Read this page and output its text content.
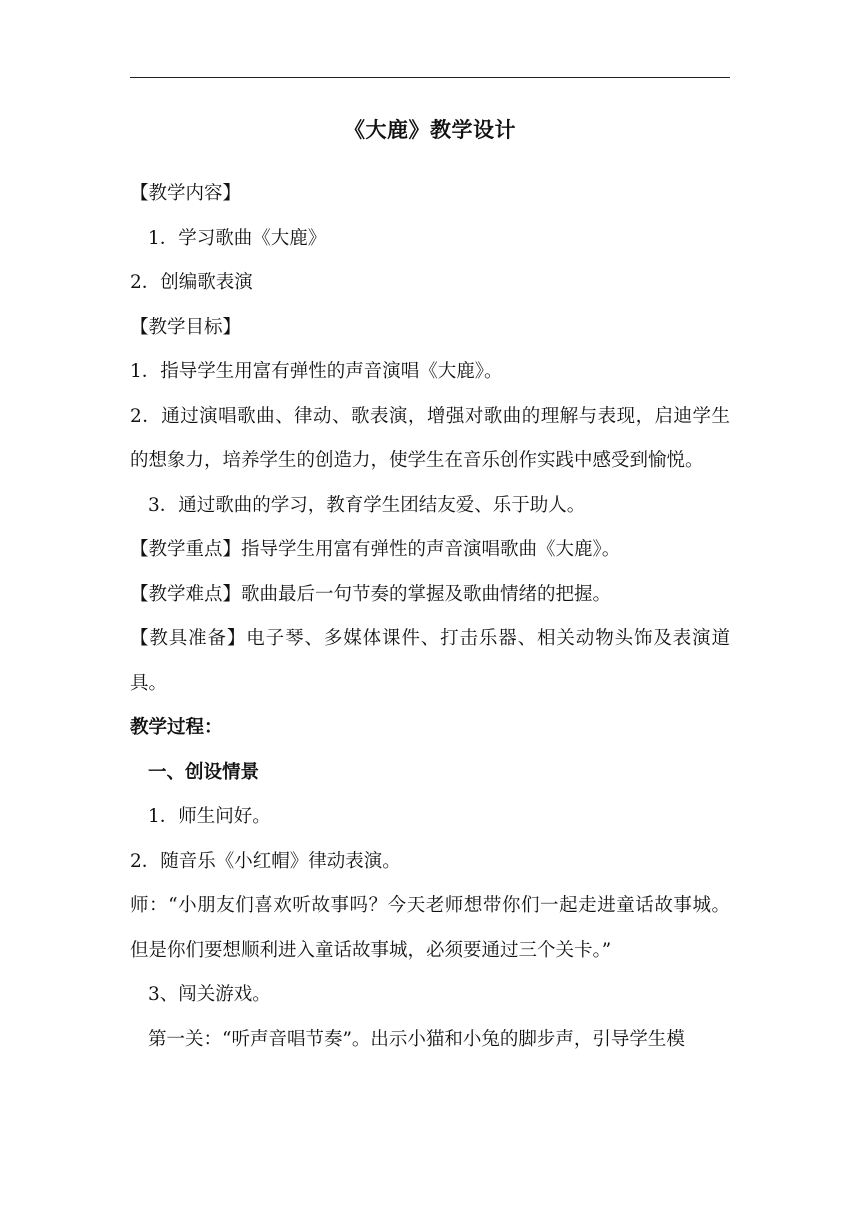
《大鹿》教学设计

【教学内容】

1．学习歌曲《大鹿》

2．创编歌表演

【教学目标】

1．指导学生用富有弹性的声音演唱《大鹿》。

2．通过演唱歌曲、律动、歌表演，增强对歌曲的理解与表现，启迪学生的想象力，培养学生的创造力，使学生在音乐创作实践中感受到愉悦。

3．通过歌曲的学习，教育学生团结友爱、乐于助人。

【教学重点】指导学生用富有弹性的声音演唱歌曲《大鹿》。

【教学难点】歌曲最后一句节奏的掌握及歌曲情绪的把握。

【教具准备】电子琴、多媒体课件、打击乐器、相关动物头饰及表演道具。

教学过程：

一、创设情景

1．师生问好。

2．随音乐《小红帽》律动表演。

师：“小朋友们喜欢听故事吗？今天老师想带你们一起走进童话故事城。但是你们要想顺利进入童话故事城，必须要通过三个关卡。”

3、闯关游戏。

第一关：“听声音唱节奏”。出示小猫和小兔的脚步声，引导学生模
